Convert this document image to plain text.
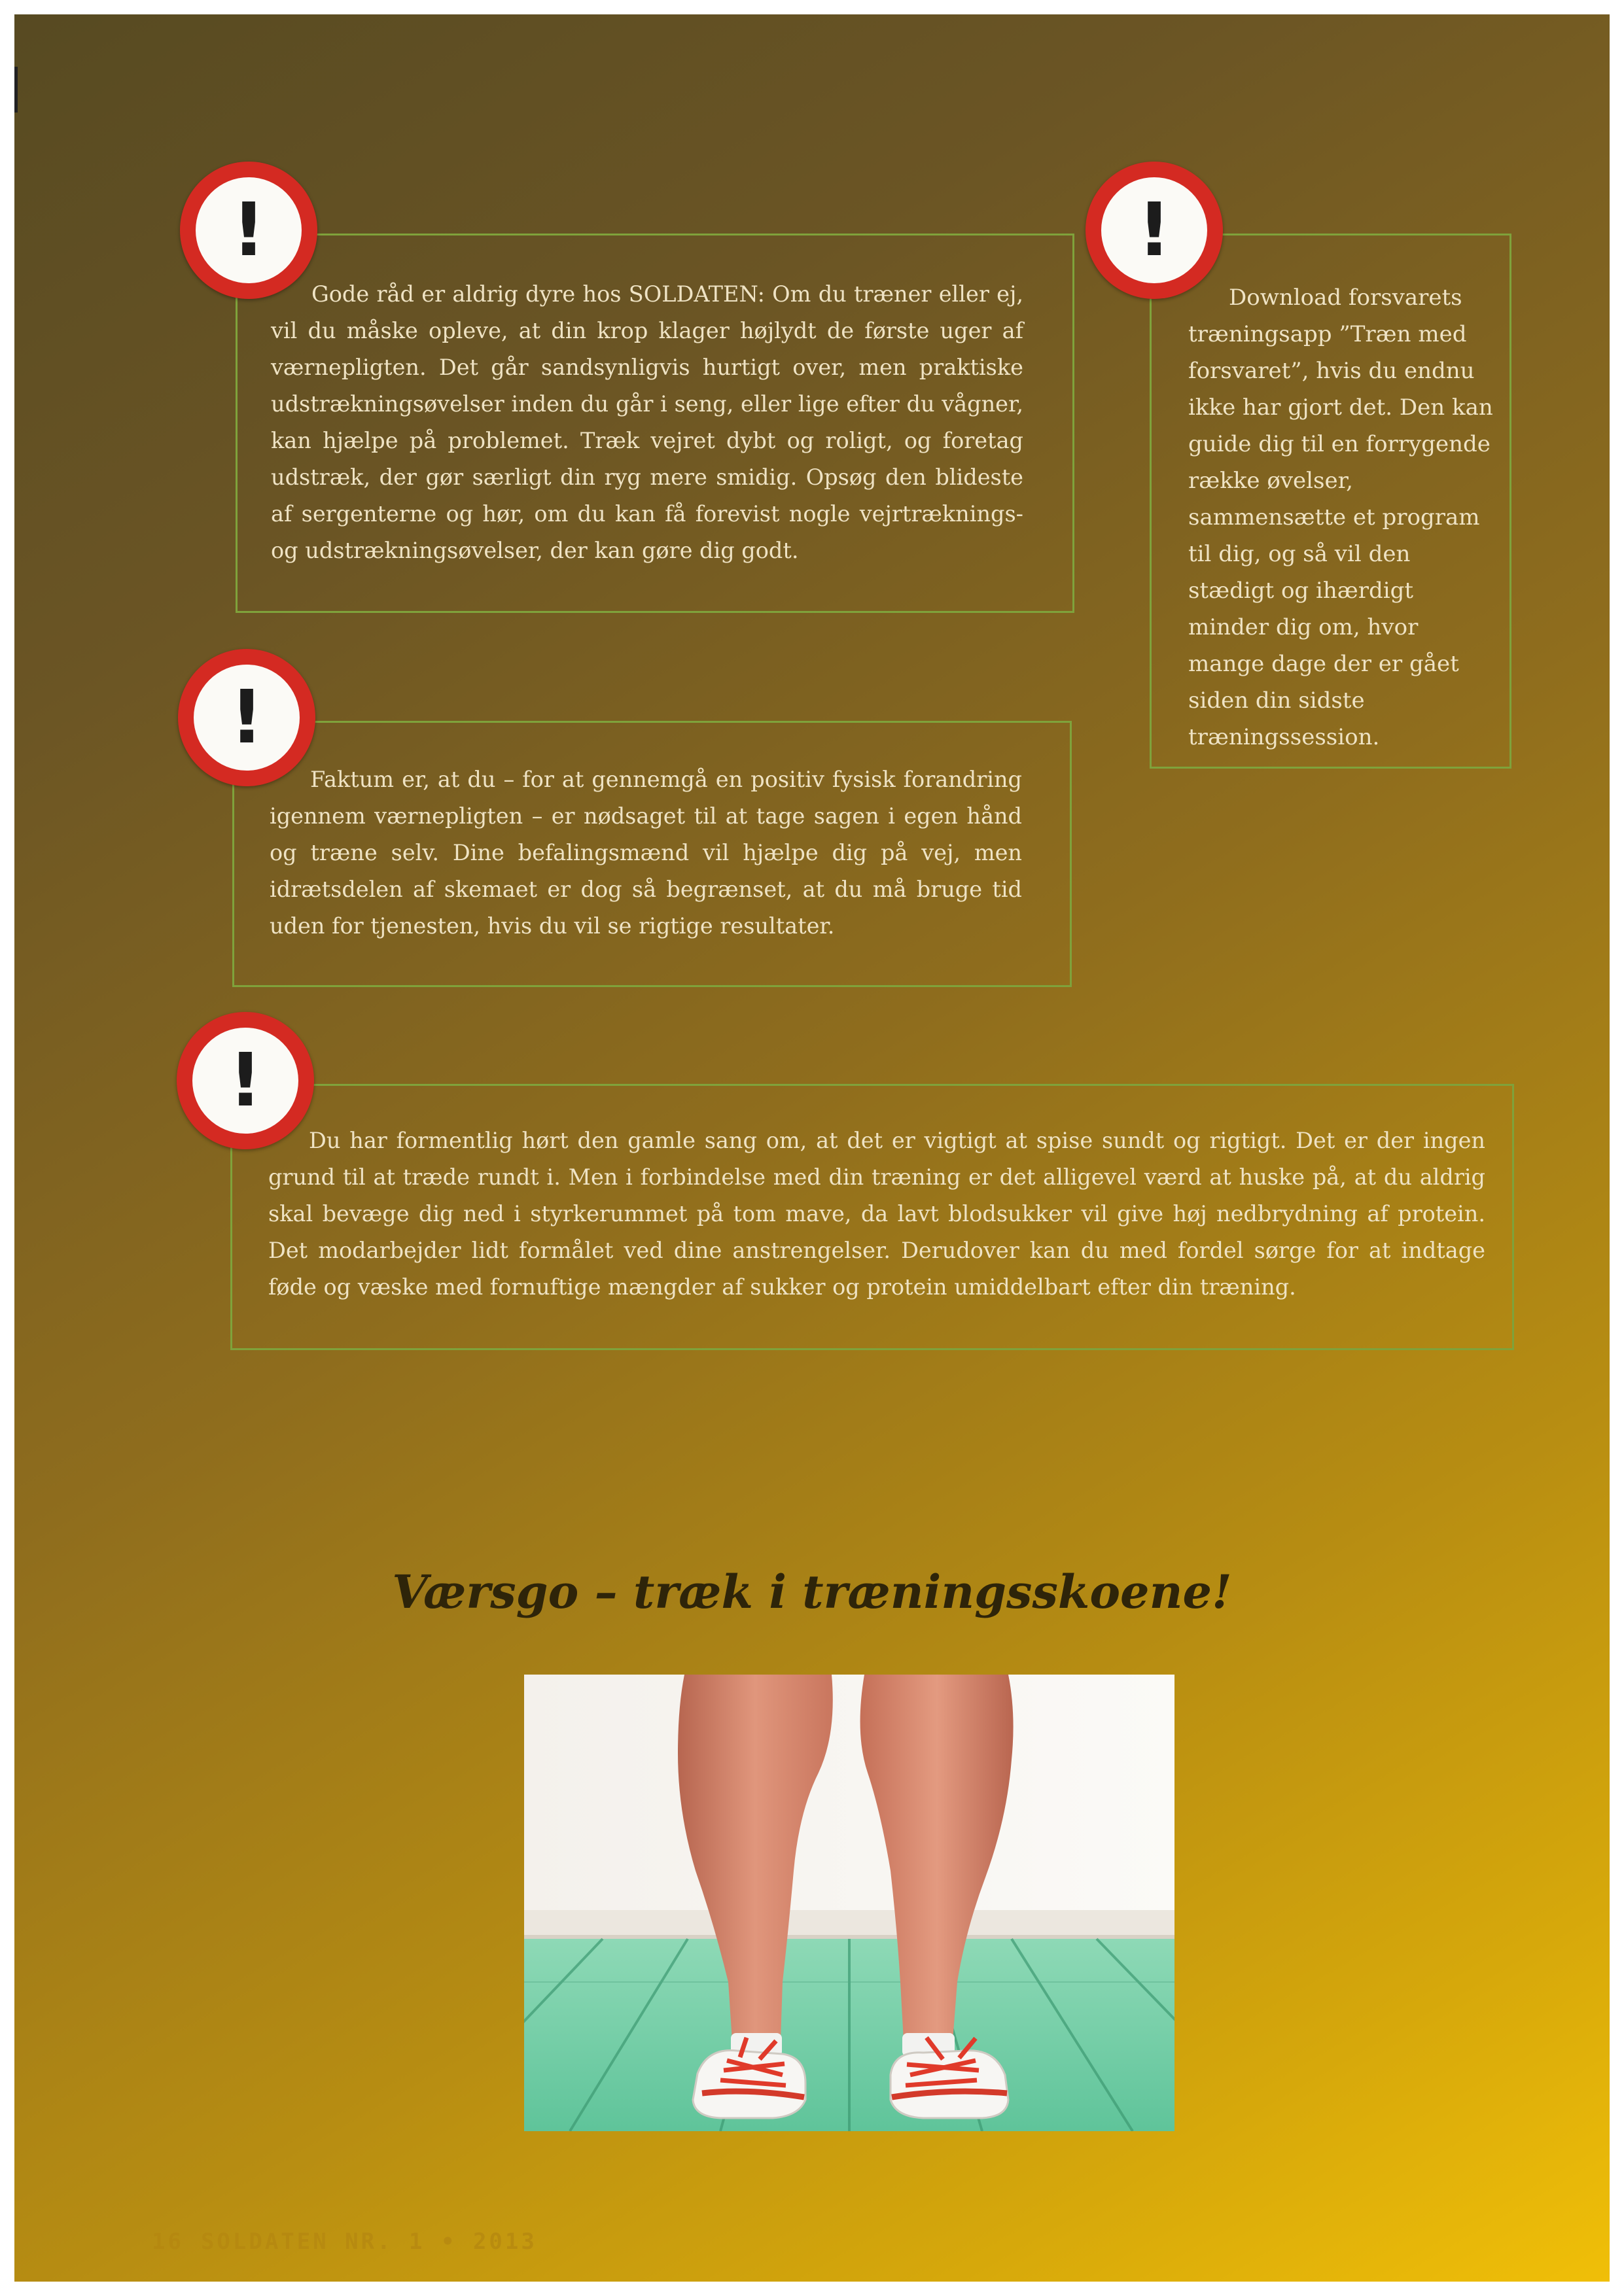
Gode råd er aldrig dyre hos SOLDATEN: Om du træner eller ej, vil du måske opleve, at din krop klager højlydt de første uger af værnepligten. Det går sandsynligvis hurtigt over, men praktiske udstrækningsøvelser inden du går i seng, eller lige efter du vågner, kan hjælpe på problemet. Træk vejret dybt og roligt, og foretag udstræk, der gør særligt din ryg mere smidig. Opsøg den blideste af sergenterne og hør, om du kan få forevist nogle vejrtræknings- og udstrækningsøvelser, der kan gøre dig godt.

!

Download forsvarets træningsapp ”Træn med forsvaret”, hvis du endnu ikke har gjort det. Den kan guide dig til en forrygende række øvelser, sammensætte et program til dig, og så vil den stædigt og ihærdigt minder dig om, hvor mange dage der er gået siden din sidste træningssession.

!

Faktum er, at du – for at gennemgå en positiv fysisk forandring igennem værnepligten – er nødsaget til at tage sagen i egen hånd og træne selv. Dine befalingsmænd vil hjælpe dig på vej, men idrætsdelen af skemaet er dog så begrænset, at du må bruge tid uden for tjenesten, hvis du vil se rigtige resultater.

!

Du har formentlig hørt den gamle sang om, at det er vigtigt at spise sundt og rigtigt. Det er der ingen grund til at træde rundt i. Men i forbindelse med din træning er det alligevel værd at huske på, at du aldrig skal bevæge dig ned i styrkerummet på tom mave, da lavt blodsukker vil give høj nedbrydning af protein. Det modarbejder lidt formålet ved dine anstrengelser. Derudover kan du med fordel sørge for at indtage føde og væske med fornuftige mængder af sukker og protein umiddelbart efter din træning.

!
Værsgo – træk i træningsskoene!

16 SOLDATEN NR. 1 • 2013
